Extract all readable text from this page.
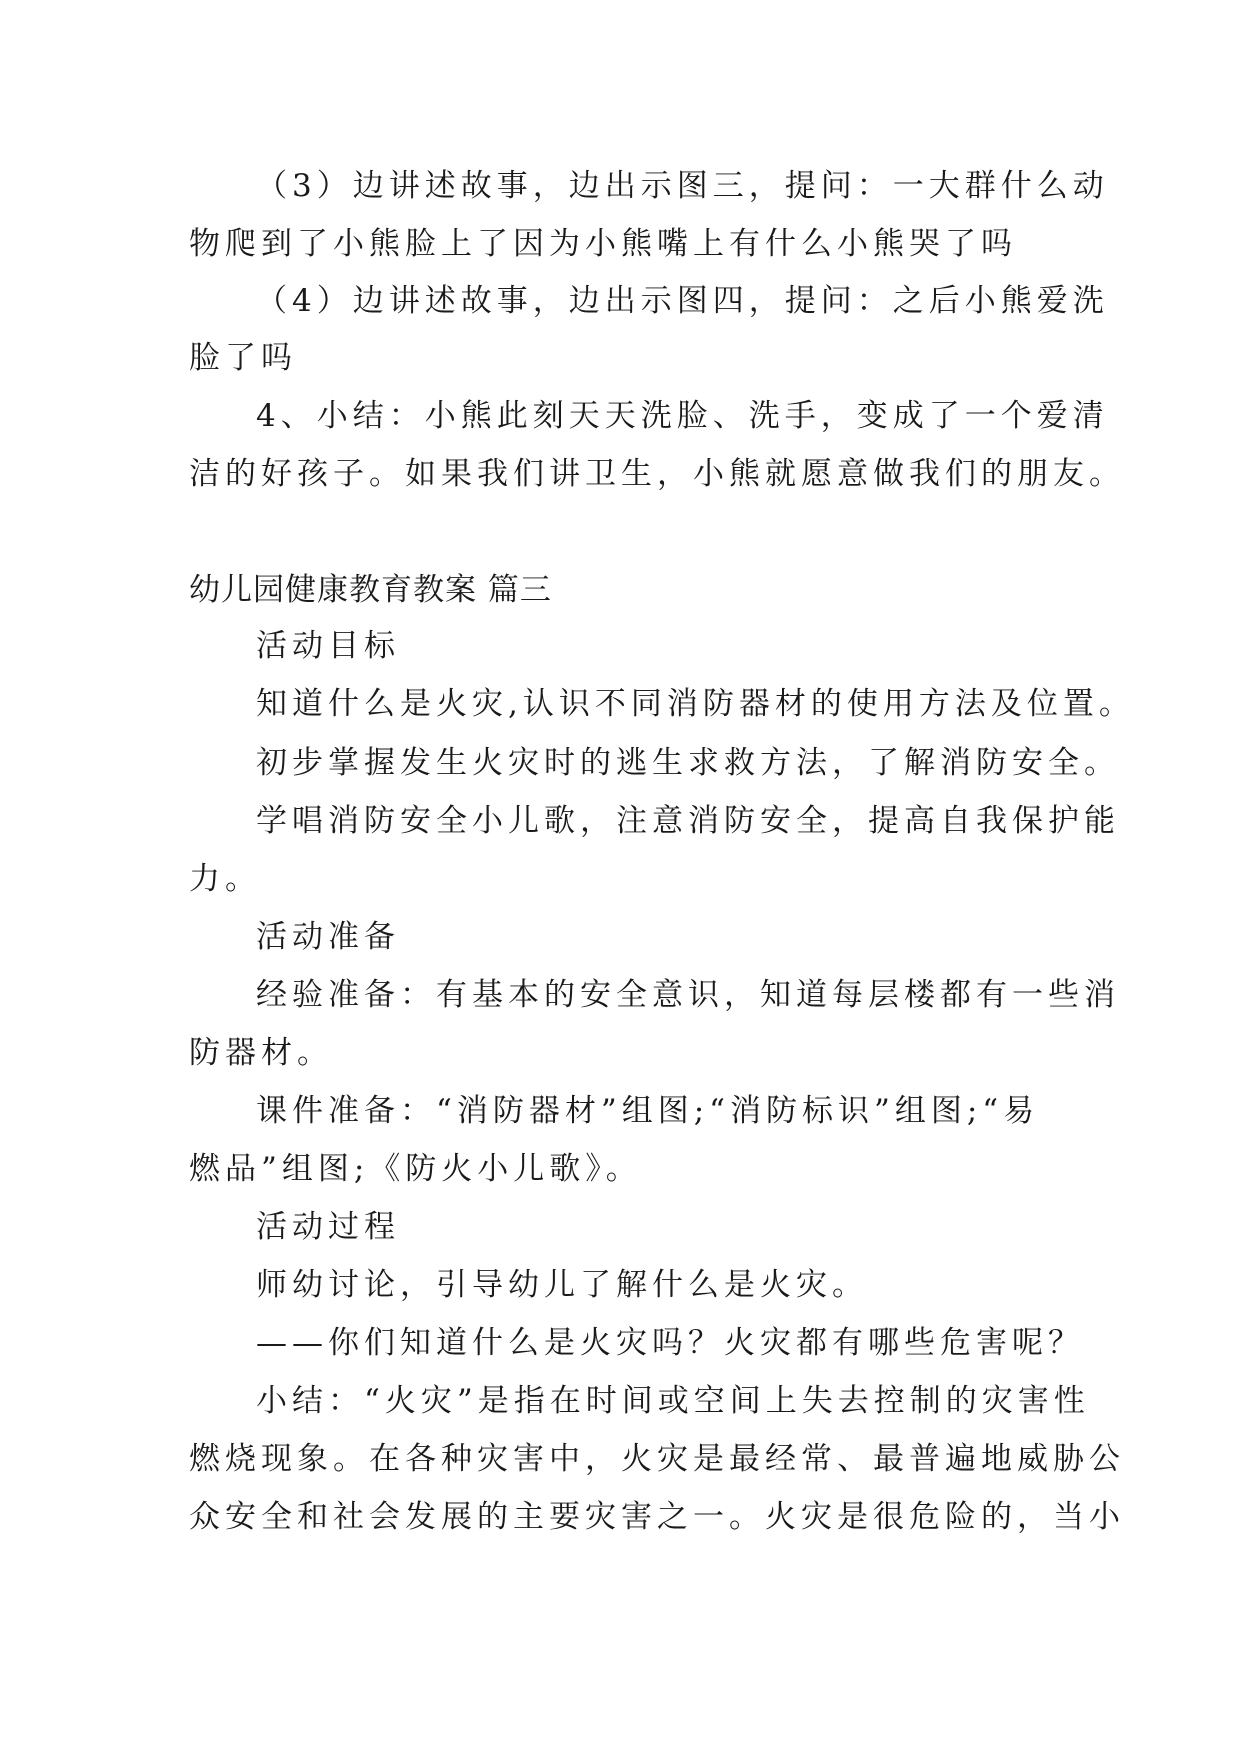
（3）边讲述故事，边出示图三，提问：一大群什么动
物爬到了小熊脸上了因为小熊嘴上有什么小熊哭了吗
（4）边讲述故事，边出示图四，提问：之后小熊爱洗
脸了吗
4、小结：小熊此刻天天洗脸、洗手，变成了一个爱清
洁的好孩子。如果我们讲卫生，小熊就愿意做我们的朋友。
幼儿园健康教育教案 篇三
活动目标
知道什么是火灾,认识不同消防器材的使用方法及位置。
初步掌握发生火灾时的逃生求救方法，了解消防安全。
学唱消防安全小儿歌，注意消防安全，提高自我保护能
力。
活动准备
经验准备：有基本的安全意识，知道每层楼都有一些消
防器材。
课件准备：“消防器材”组图;“消防标识”组图;“易
燃品”组图;《防火小儿歌》。
活动过程
师幼讨论，引导幼儿了解什么是火灾。
——你们知道什么是火灾吗？火灾都有哪些危害呢？
小结：“火灾”是指在时间或空间上失去控制的灾害性
燃烧现象。在各种灾害中，火灾是最经常、最普遍地威胁公
众安全和社会发展的主要灾害之一。火灾是很危险的，当小
